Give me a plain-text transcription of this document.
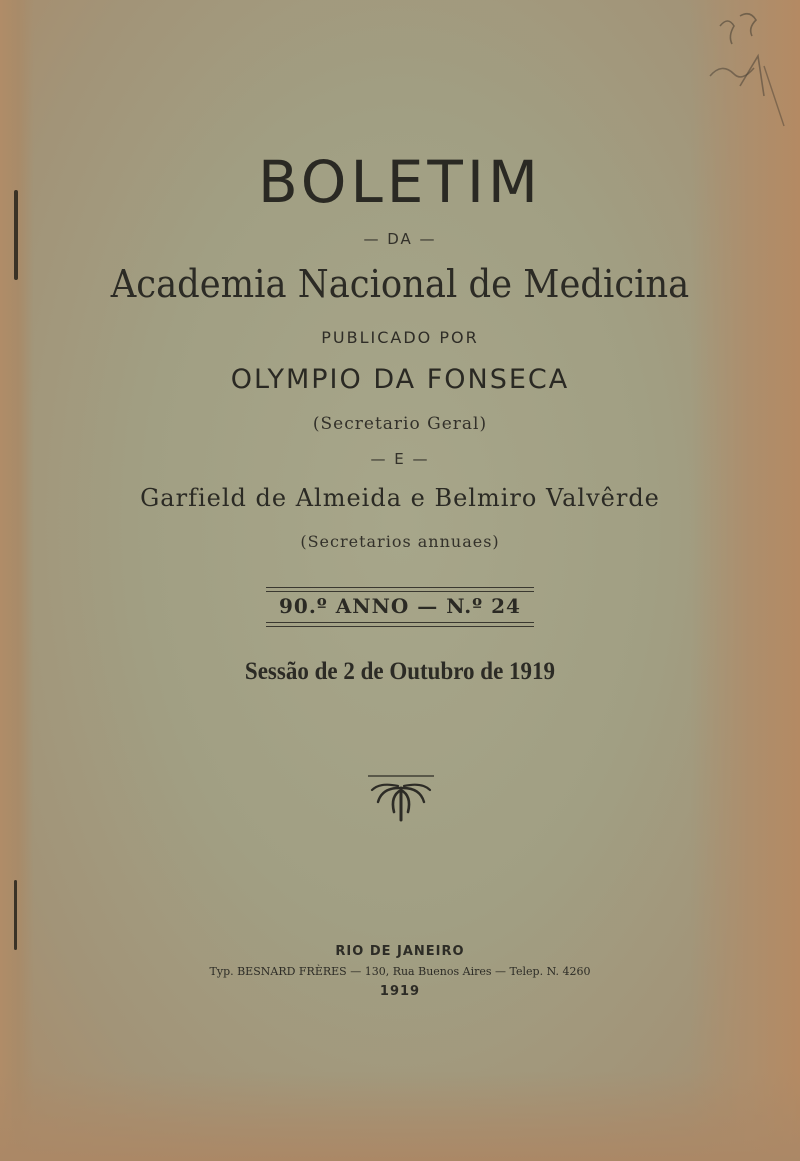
BOLETIM
— DA —
Academia Nacional de Medicina
PUBLICADO POR
OLYMPIO DA FONSECA
(Secretario Geral)
— E —
Garfield de Almeida e Belmiro Valvêrde
(Secretarios annuaes)
90.º ANNO — N.º 24
Sessão de 2 de Outubro de 1919
RIO DE JANEIRO
Typ. BESNARD FRÈRES — 130, Rua Buenos Aires — Telep. N. 4260
1919
